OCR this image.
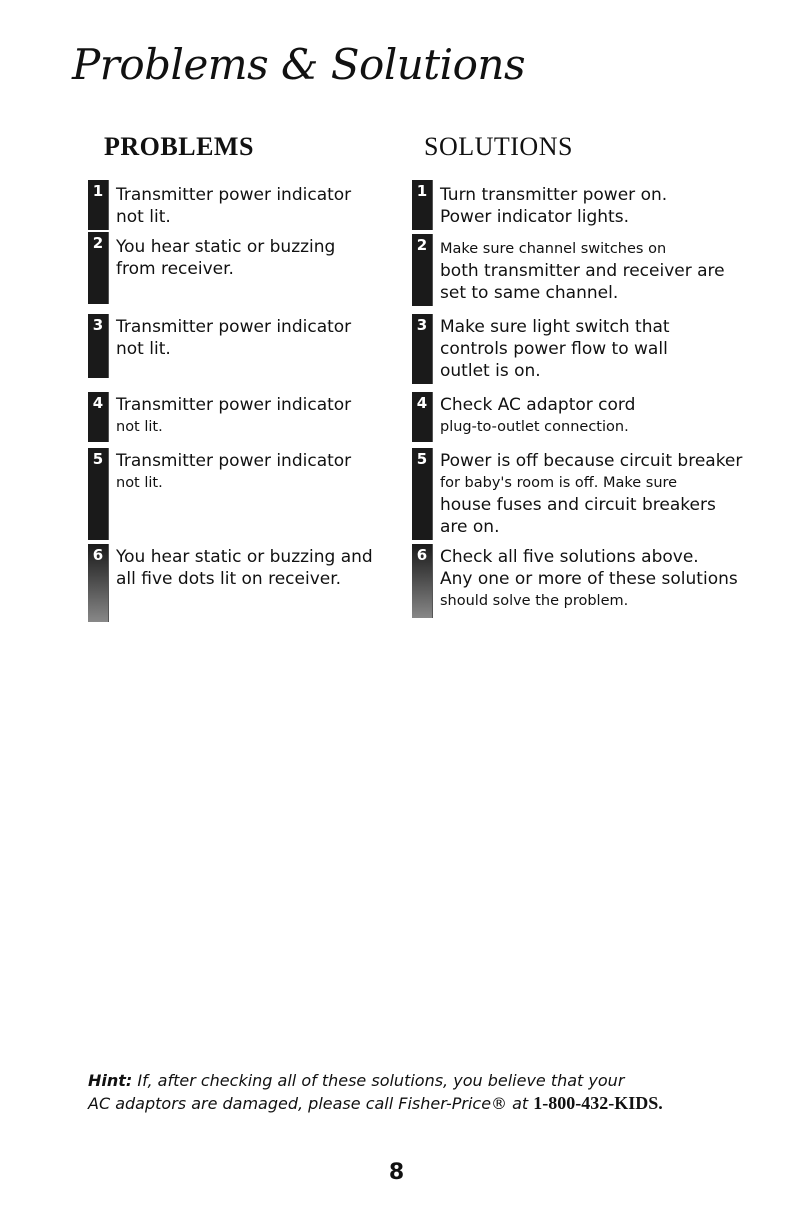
Problems & Solutions
PROBLEMS	SOLUTIONS
1 Transmitter power indicator
not lit.
2 You hear static or buzzing
from receiver.
3 Transmitter power indicator
not lit.
4 Transmitter power indicator
not lit.
5 Transmitter power indicator
not lit.
6 You hear static or buzzing and
all five dots lit on receiver.
1 Turn transmitter power on.
Power indicator lights.
2 Make sure channel switches on
both transmitter and receiver are
set to same channel.
3 Make sure light switch that
controls power flow to wall
outlet is on.
4 Check AC adaptor cord
plug-to-outlet connection.
5 Power is off because circuit breaker
for baby's room is off. Make sure
house fuses and circuit breakers
are on.
6 Check all five solutions above.
Any one or more of these solutions
should solve the problem.
Hint: If, after checking all of these solutions, you believe that your
AC adaptors are damaged, please call Fisher-Price® at 1-800-432-KIDS.
8
